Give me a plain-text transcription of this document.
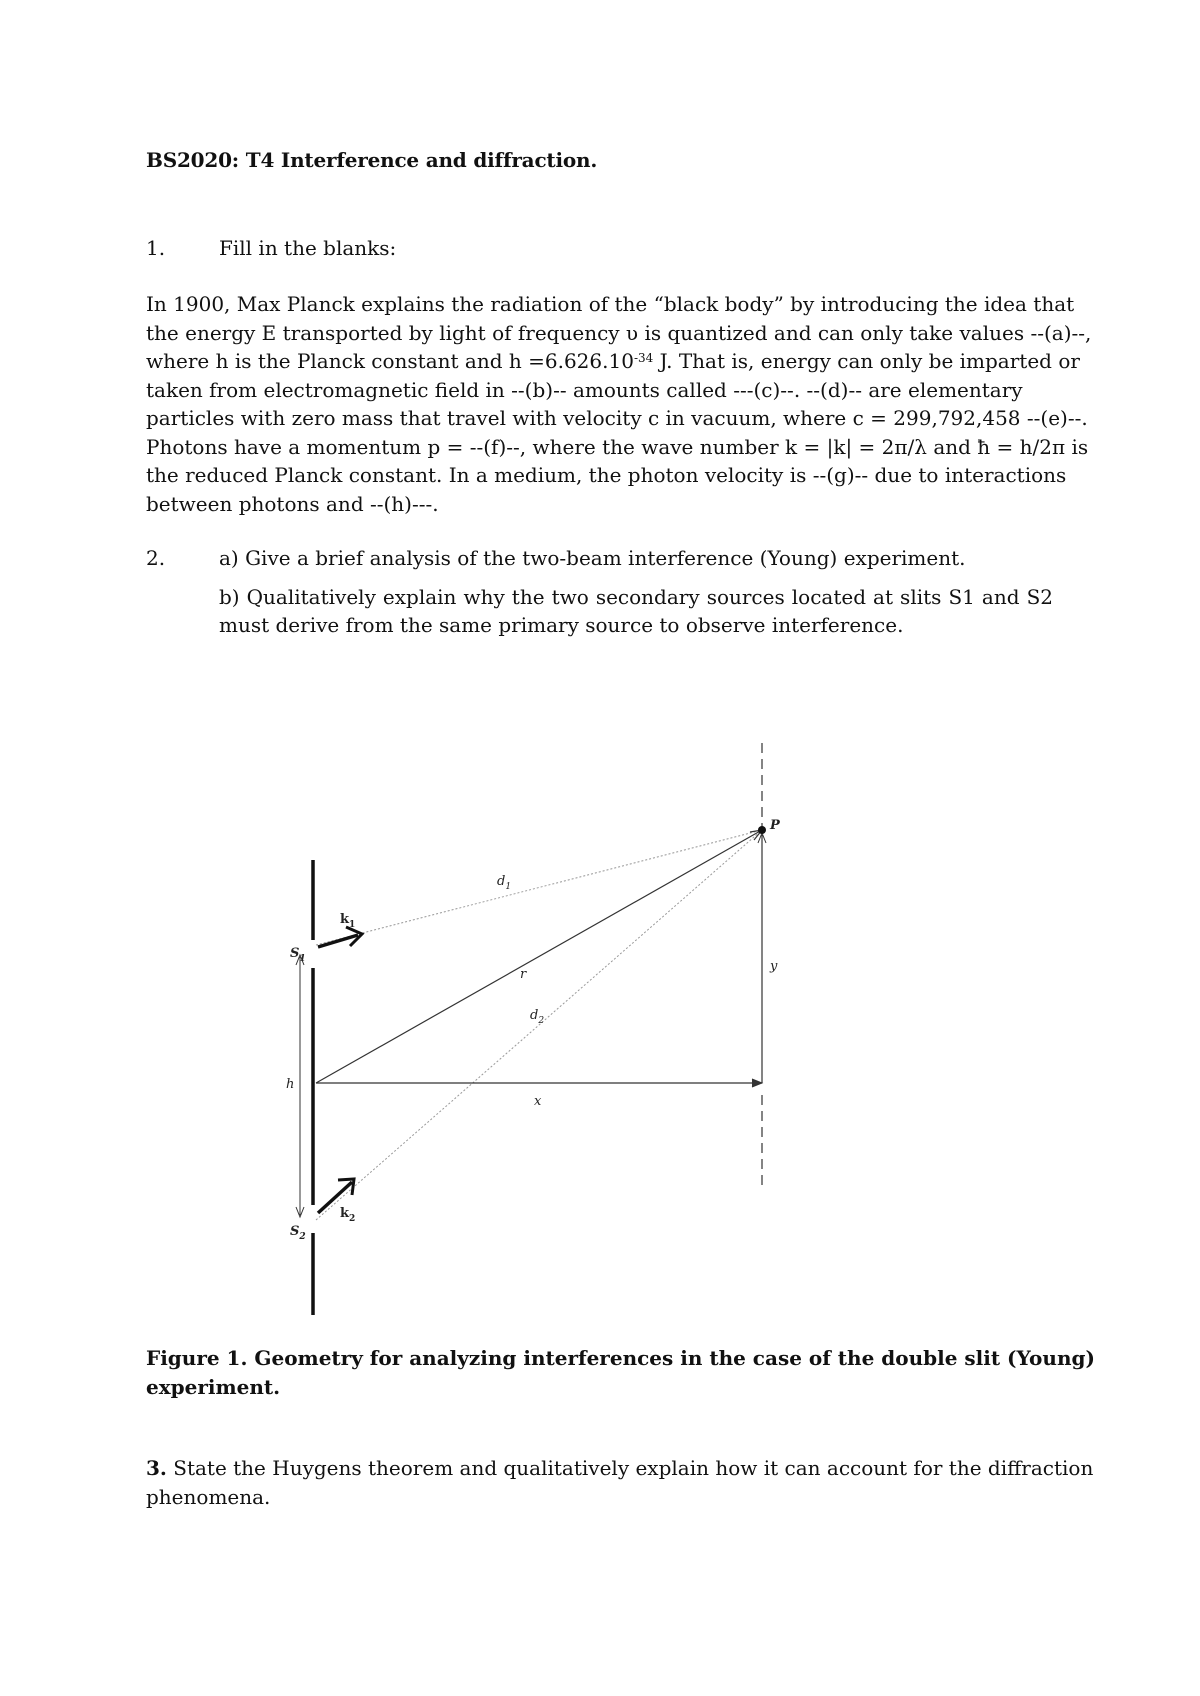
BS2020: T4 Interference and diffraction.
1.	Fill in the blanks:
In 1900, Max Planck explains the radiation of the “black body” by introducing the idea that
the energy E transported by light of frequency υ is quantized and can only take values --(a)--,
where h is the Planck constant and $h =6.626.10^{-34}$ J. That is, energy can only be imparted or
taken from electromagnetic field in --(b)-- amounts called ---(c)--. --(d)-- are elementary
particles with zero mass that travel with velocity c in vacuum, where c = 299,792,458 --(e)--.
Photons have a momentum p = --(f)--, where the wave number k = |k| = 2π/λ and ħ = h/2π is
the reduced Planck constant. In a medium, the photon velocity is --(g)-- due to interactions
between photons and --(h)---.
2.	a) Give a brief analysis of the two-beam interference (Young) experiment.
b) Qualitatively explain why the two secondary sources located at slits S1 and S2 must derive from the same primary source to observe interference.
P
$d_1$
r
$d_2$
y
x
h
$S_1$
$S_2$
$k_1$
$k_2$
Figure 1. Geometry for analyzing interferences in the case of the double slit (Young)
experiment.
3. State the Huygens theorem and qualitatively explain how it can account for the diffraction
phenomena.
